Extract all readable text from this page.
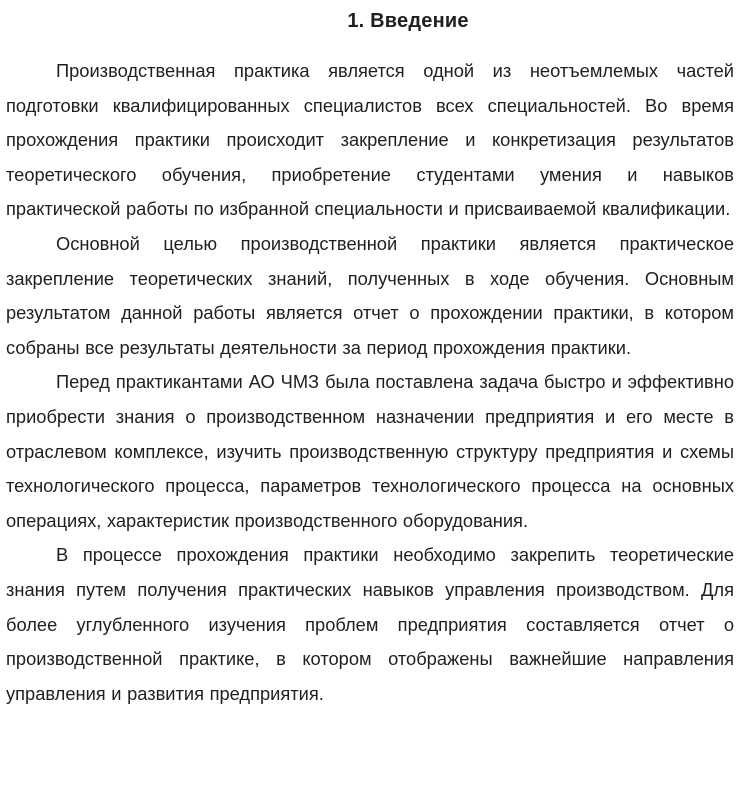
1. Введение

Производственная практика является одной из неотъемлемых частей подготовки квалифицированных специалистов всех специальностей. Во время прохождения практики происходит закрепление и конкретизация результатов теоретического обучения, приобретение студентами умения и навыков практической работы по избранной специальности и присваиваемой квалификации.

Основной целью производственной практики является практическое закрепление теоретических знаний, полученных в ходе обучения. Основным результатом данной работы является отчет о прохождении практики, в котором собраны все результаты деятельности за период прохождения практики.

Перед практикантами АО ЧМЗ была поставлена задача быстро и эффективно приобрести знания о производственном назначении предприятия и его месте в отраслевом комплексе, изучить производственную структуру предприятия и схемы технологического процесса, параметров технологического процесса на основных операциях, характеристик производственного оборудования.

В процессе прохождения практики необходимо закрепить теоретические знания путем получения практических навыков управления производством. Для более углубленного изучения проблем предприятия составляется отчет о производственной практике, в котором отображены важнейшие направления управления и развития предприятия.
